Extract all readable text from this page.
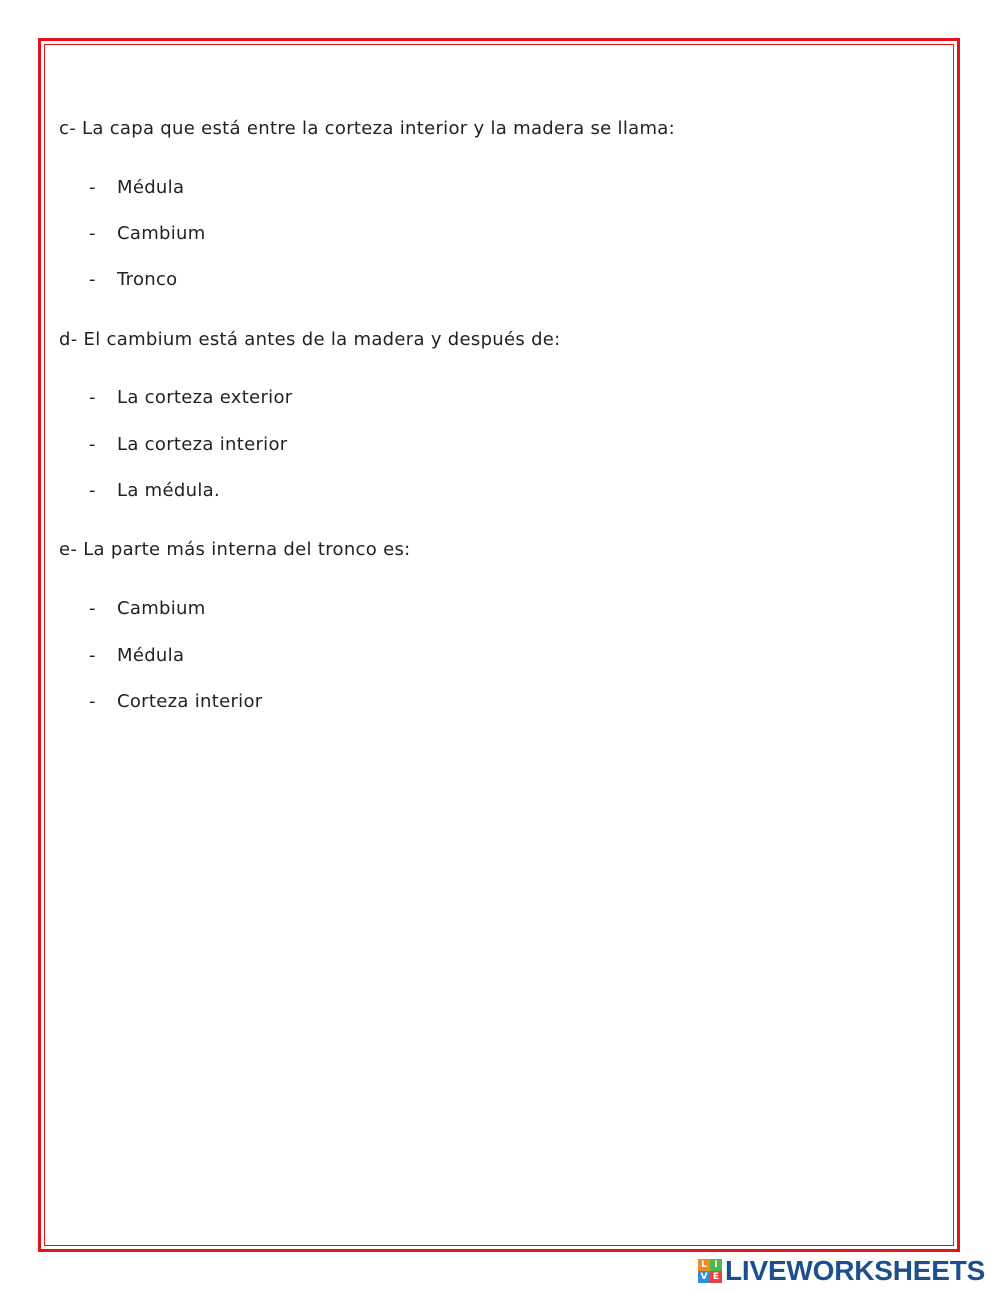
c- La capa que está entre la corteza interior y la madera se llama:
- Médula
- Cambium
- Tronco
d- El cambium está antes de la madera y después de:
- La corteza exterior
- La corteza interior
- La médula.
e- La parte más interna del tronco es:
- Cambium
- Médula
- Corteza interior
L I
V E LIVEWORKSHEETS
